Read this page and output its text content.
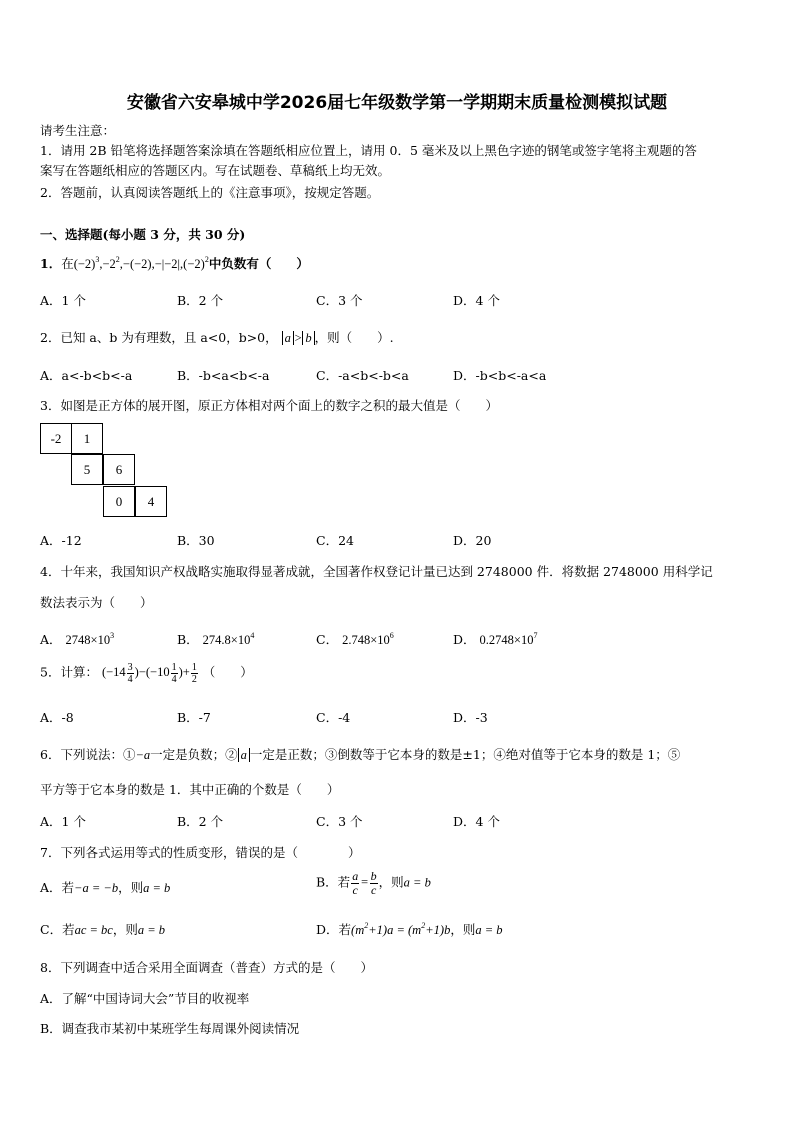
安徽省六安皋城中学2026届七年级数学第一学期期末质量检测模拟试题
请考生注意：
1．请用 2B 铅笔将选择题答案涂填在答题纸相应位置上，请用 0．5 毫米及以上黑色字迹的钢笔或签字笔将主观题的答
案写在答题纸相应的答题区内。写在试题卷、草稿纸上均无效。
2．答题前，认真阅读答题纸上的《注意事项》，按规定答题。
一、选择题(每小题 3 分，共 30 分)
1．在$(-2)^3,-2^2,-(-2),-|-2|,(-2)^2$中负数有（　　）
A．1 个	B．2 个	C．3 个	D．4 个
2．已知 a、b 为有理数，且 a<0，b>0， a > b ，则（　　）.
A．a<-b<b<-a	B．-b<a<b<-a	C．-a<b<-b<a	D．-b<b<-a<a
3．如图是正方体的展开图，原正方体相对两个面上的数字之积的最大值是（　　）
-2	1
5	6
0	4
A．-12	B．30	C．24	D．20
4．十年来，我国知识产权战略实施取得显著成就，全国著作权登记计量已达到 2748000 件．将数据 2748000 用科学记
数法表示为（　　）
A． $2748\times 10^3$	B． $274.8\times 10^4$	C． $2.748\times 10^6$	D． $0.2748\times 10^7$
5．计算： $(-14 \frac{3}{4} )-(-10 \frac{1}{4}$ )+ $\frac{1}{2}$ （　　）
A．-8	B．-7	C．-4	D．-3
6．下列说法：①−a一定是负数；② a 一定是正数；③倒数等于它本身的数是±1；④绝对值等于它本身的数是 1；⑤
平方等于它本身的数是 1．其中正确的个数是（　　）
A．1 个	B．2 个	C．3 个	D．4 个
7．下列各式运用等式的性质变形，错误的是（　　　　）
A．若−a = −b，则a = b	B．若 $\frac{a}{c} = \frac{b}{c}$ ，则a = b
C．若ac = bc，则a = b	D．若$(m^2+1)a = (m^2+1)b$，则a = b
8．下列调查中适合采用全面调查（普查）方式的是（　　）
A．了解“中国诗词大会”节目的收视率
B．调查我市某初中某班学生每周课外阅读情况
